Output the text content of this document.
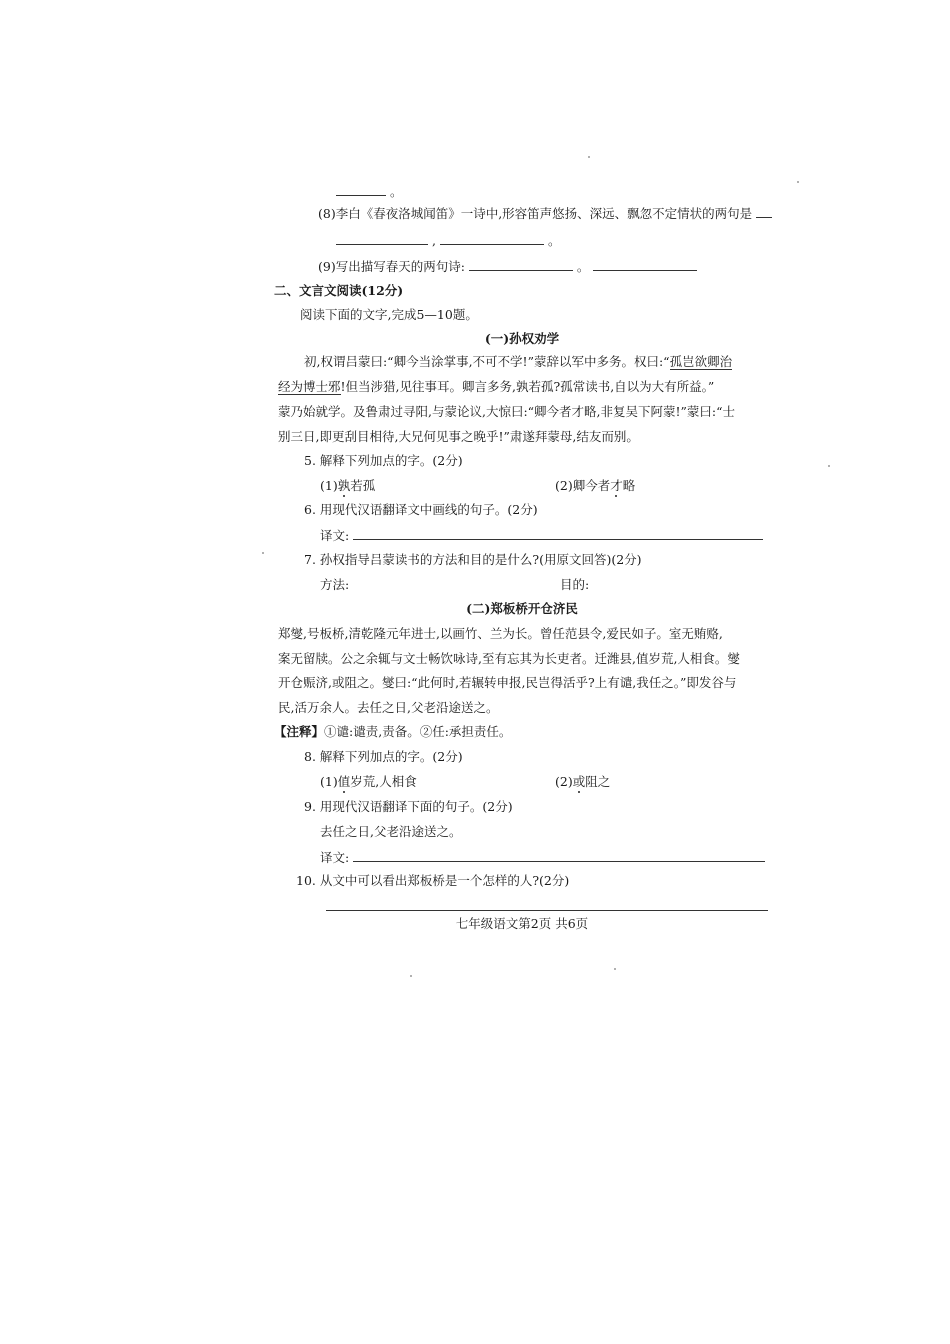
。
(8)李白《春夜洛城闻笛》一诗中,形容笛声悠扬、深远、飘忽不定情状的两句是
,	。
(9)写出描写春天的两句诗:	。
二、文言文阅读(12分)
阅读下面的文字,完成5—10题。
(一)孙权劝学
初,权谓吕蒙曰:“卿今当涂掌事,不可不学!”蒙辞以军中多务。权曰:“孤岂欲卿治
经为博士邪!但当涉猎,见往事耳。卿言多务,孰若孤?孤常读书,自以为大有所益。”
蒙乃始就学。及鲁肃过寻阳,与蒙论议,大惊曰:“卿今者才略,非复吴下阿蒙!”蒙曰:“士
别三日,即更刮目相待,大兄何见事之晚乎!”肃遂拜蒙母,结友而别。
5. 解释下列加点的字。(2分)
(1)孰若孤	(2)卿今者才略
6. 用现代汉语翻译文中画线的句子。(2分)
译文:
7. 孙权指导吕蒙读书的方法和目的是什么?(用原文回答)(2分)
方法:	目的:
(二)郑板桥开仓济民
郑燮,号板桥,清乾隆元年进士,以画竹、兰为长。曾任范县令,爱民如子。室无贿赂,
案无留牍。公之余辄与文士畅饮咏诗,至有忘其为长吏者。迁潍县,值岁荒,人相食。燮
开仓赈济,或阻之。燮曰:“此何时,若辗转申报,民岂得活乎?上有谴,我任之。”即发谷与
民,活万余人。去任之日,父老沿途送之。
【注释】①谴:谴责,责备。②任:承担责任。
8. 解释下列加点的字。(2分)
(1)值岁荒,人相食	(2)或阻之
9. 用现代汉语翻译下面的句子。(2分)
去任之日,父老沿途送之。
译文:
10. 从文中可以看出郑板桥是一个怎样的人?(2分)
七年级语文第2页 共6页
